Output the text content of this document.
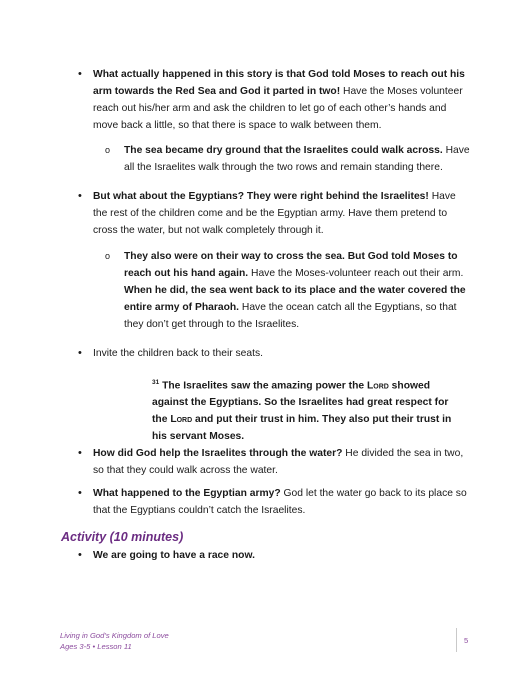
• What actually happened in this story is that God told Moses to reach out his arm towards the Red Sea and God it parted in two! Have the Moses volunteer reach out his/her arm and ask the children to let go of each other’s hands and move back a little, so that there is space to walk between them.

o The sea became dry ground that the Israelites could walk across. Have all the Israelites walk through the two rows and remain standing there.

• But what about the Egyptians? They were right behind the Israelites! Have the rest of the children come and be the Egyptian army. Have them pretend to cross the water, but not walk completely through it.

o They also were on their way to cross the sea. But God told Moses to reach out his hand again. Have the Moses-volunteer reach out their arm. When he did, the sea went back to its place and the water covered the entire army of Pharaoh. Have the ocean catch all the Egyptians, so that they don’t get through to the Israelites.

• Invite the children back to their seats.

$^{31}$ The Israelites saw the amazing power the Lord showed against the Egyptians. So the Israelites had great respect for the Lord and put their trust in him. They also put their trust in his servant Moses.

• How did God help the Israelites through the water? He divided the sea in two, so that they could walk across the water.

• What happened to the Egyptian army? God let the water go back to its place so that the Egyptians couldn’t catch the Israelites.

Activity (10 minutes)

• We are going to have a race now.

Living in God’s Kingdom of Love
Ages 3-5 • Lesson 11
5
